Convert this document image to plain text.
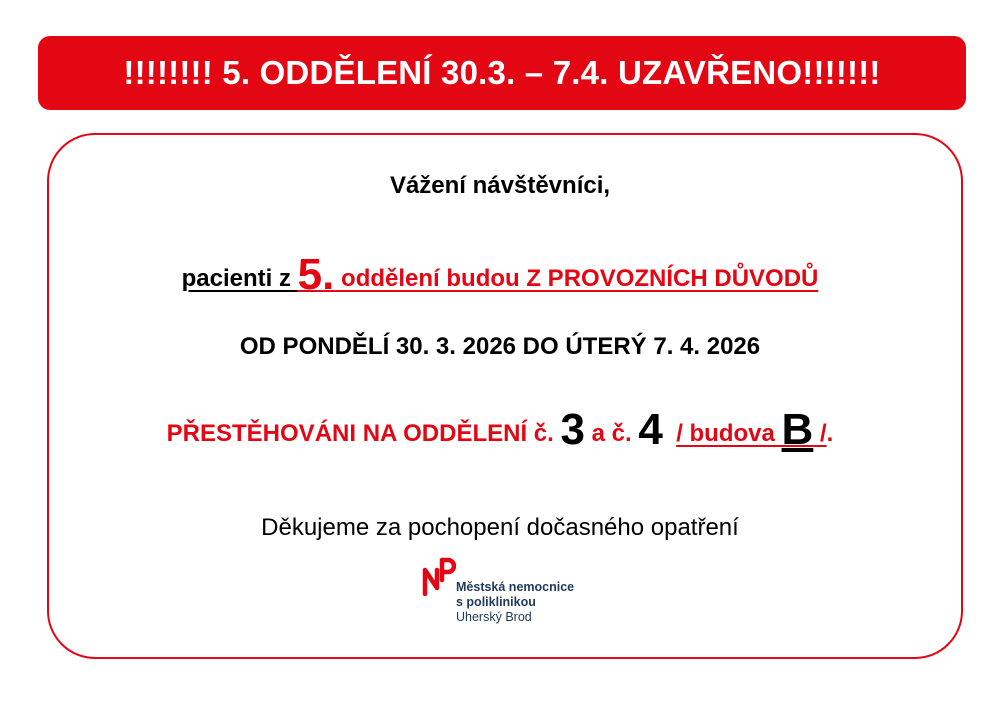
!!!!!!!! 5. ODDĚLENÍ 30.3. – 7.4. UZAVŘENO!!!!!!!
Vážení návštěvníci,
pacienti z 5. oddělení budou Z PROVOZNÍCH DŮVODŮ
OD PONDĚLÍ 30. 3. 2026 DO ÚTERÝ 7. 4. 2026
PŘESTĚHOVÁNI NA ODDĚLENÍ č. 3 a č. 4 / budova B /.
Děkujeme za pochopení dočasného opatření
Městská nemocnice
s poliklinikou
Uherský Brod
